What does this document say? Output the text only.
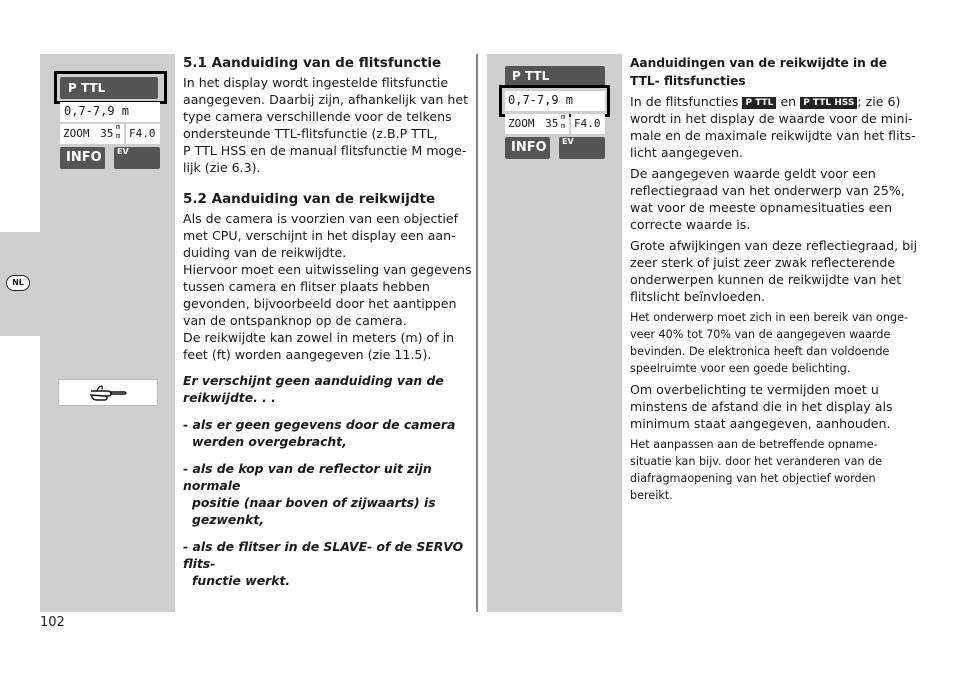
NL
P TTL
0,7-7,9 m
ZOOM 35 m
m F4.0
INFO	EV
P TTL
0,7-7,9 m
ZOOM 35 m
m F4.0
INFO	EV
5.1 Aanduiding van de flitsfunctie
In het display wordt ingestelde flitsfunctie
aangegeven. Daarbij zijn, afhankelijk van het
type camera verschillende voor de telkens
ondersteunde TTL-flitsfunctie (z.B.P TTL,
P TTL HSS en de manual flitsfunctie M moge-
lijk (zie 6.3).
5.2 Aanduiding van de reikwijdte
Als de camera is voorzien van een objectief
met CPU, verschijnt in het display een aan-
duiding van de reikwijdte.
Hiervoor moet een uitwisseling van gegevens
tussen camera en flitser plaats hebben
gevonden, bijvoorbeeld door het aantippen
van de ontspanknop op de camera.
De reikwijdte kan zowel in meters (m) of in
feet (ft) worden aangegeven (zie 11.5).
Er verschijnt geen aanduiding van de
reikwijdte. . .
- als er geen gegevens door de camera
werden overgebracht,
- als de kop van de reflector uit zijn normale
positie (naar boven of zijwaarts) is
gezwenkt,
- als de flitser in de SLAVE- of de SERVO flits-
functie werkt.
Aanduidingen van de reikwijdte in de
TTL- flitsfuncties
In de flitsfuncties P TTL en P TTL HSS ; zie 6)
wordt in het display de waarde voor de mini-
male en de maximale reikwijdte van het flits-
licht aangegeven.
De aangegeven waarde geldt voor een
reflectiegraad van het onderwerp van 25%,
wat voor de meeste opnamesituaties een
correcte waarde is.
Grote afwijkingen van deze reflectiegraad, bij
zeer sterk of juist zeer zwak reflecterende
onderwerpen kunnen de reikwijdte van het
flitslicht beïnvloeden.
Het onderwerp moet zich in een bereik van onge-
veer 40% tot 70% van de aangegeven waarde
bevinden. De elektronica heeft dan voldoende
speelruimte voor een goede belichting.
Om overbelichting te vermijden moet u
minstens de afstand die in het display als
minimum staat aangegeven, aanhouden.
Het aanpassen aan de betreffende opname-
situatie kan bijv. door het veranderen van de
diafragmaopening van het objectief worden
bereikt.
102
